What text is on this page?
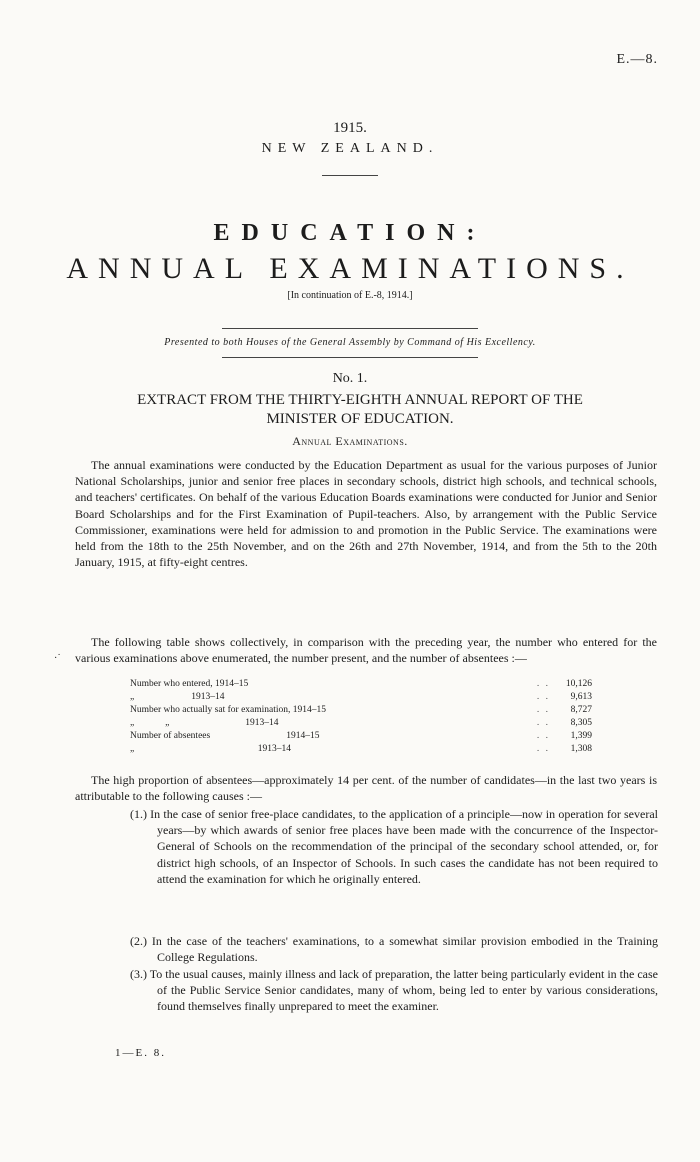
E.—8.
1915.
NEW ZEALAND.
EDUCATION:
ANNUAL EXAMINATIONS.
[In continuation of E.-8, 1914.]
Presented to both Houses of the General Assembly by Command of His Excellency.
No. 1.
EXTRACT FROM THE THIRTY-EIGHTH ANNUAL REPORT OF THE
MINISTER OF EDUCATION.
Annual Examinations.
The annual examinations were conducted by the Education Department as usual for the various purposes of Junior National Scholarships, junior and senior free places in secondary schools, district high schools, and technical schools, and teachers' certificates. On behalf of the various Education Boards examinations were conducted for Junior and Senior Board Scholarships and for the First Examination of Pupil-teachers. Also, by arrangement with the Public Service Commissioner, examinations were held for admission to and promotion in the Public Service. The examinations were held from the 18th to the 25th November, and on the 26th and 27th November, 1914, and from the 5th to the 20th January, 1915, at fifty-eight centres.
·˙
The following table shows collectively, in comparison with the preceding year, the number who entered for the various examinations above enumerated, the number present, and the number of absentees :—
. .
Number who entered, 1914–15	10,126
. .
„                        1913–14	9,613
. .
Number who actually sat for examination, 1914–15	8,727
. .
„             „                                1913–14	8,305
. .
Number of absentees                                1914–15	1,399
. .
„                                                    1913–14	1,308
The high proportion of absentees—approximately 14 per cent. of the number of candidates—in the last two years is attributable to the following causes :—
(1.) In the case of senior free-place candidates, to the application of a principle—now in operation for several years—by which awards of senior free places have been made with the concurrence of the Inspector-General of Schools on the recommendation of the principal of the secondary school attended, or, for district high schools, of an Inspector of Schools. In such cases the candidate has not been required to attend the examination for which he originally entered.
(2.) In the case of the teachers' examinations, to a somewhat similar provision embodied in the Training College Regulations.
(3.) To the usual causes, mainly illness and lack of preparation, the latter being particularly evident in the case of the Public Service Senior candidates, many of whom, being led to enter by various considerations, found themselves finally unprepared to meet the examiner.
1—E. 8.
